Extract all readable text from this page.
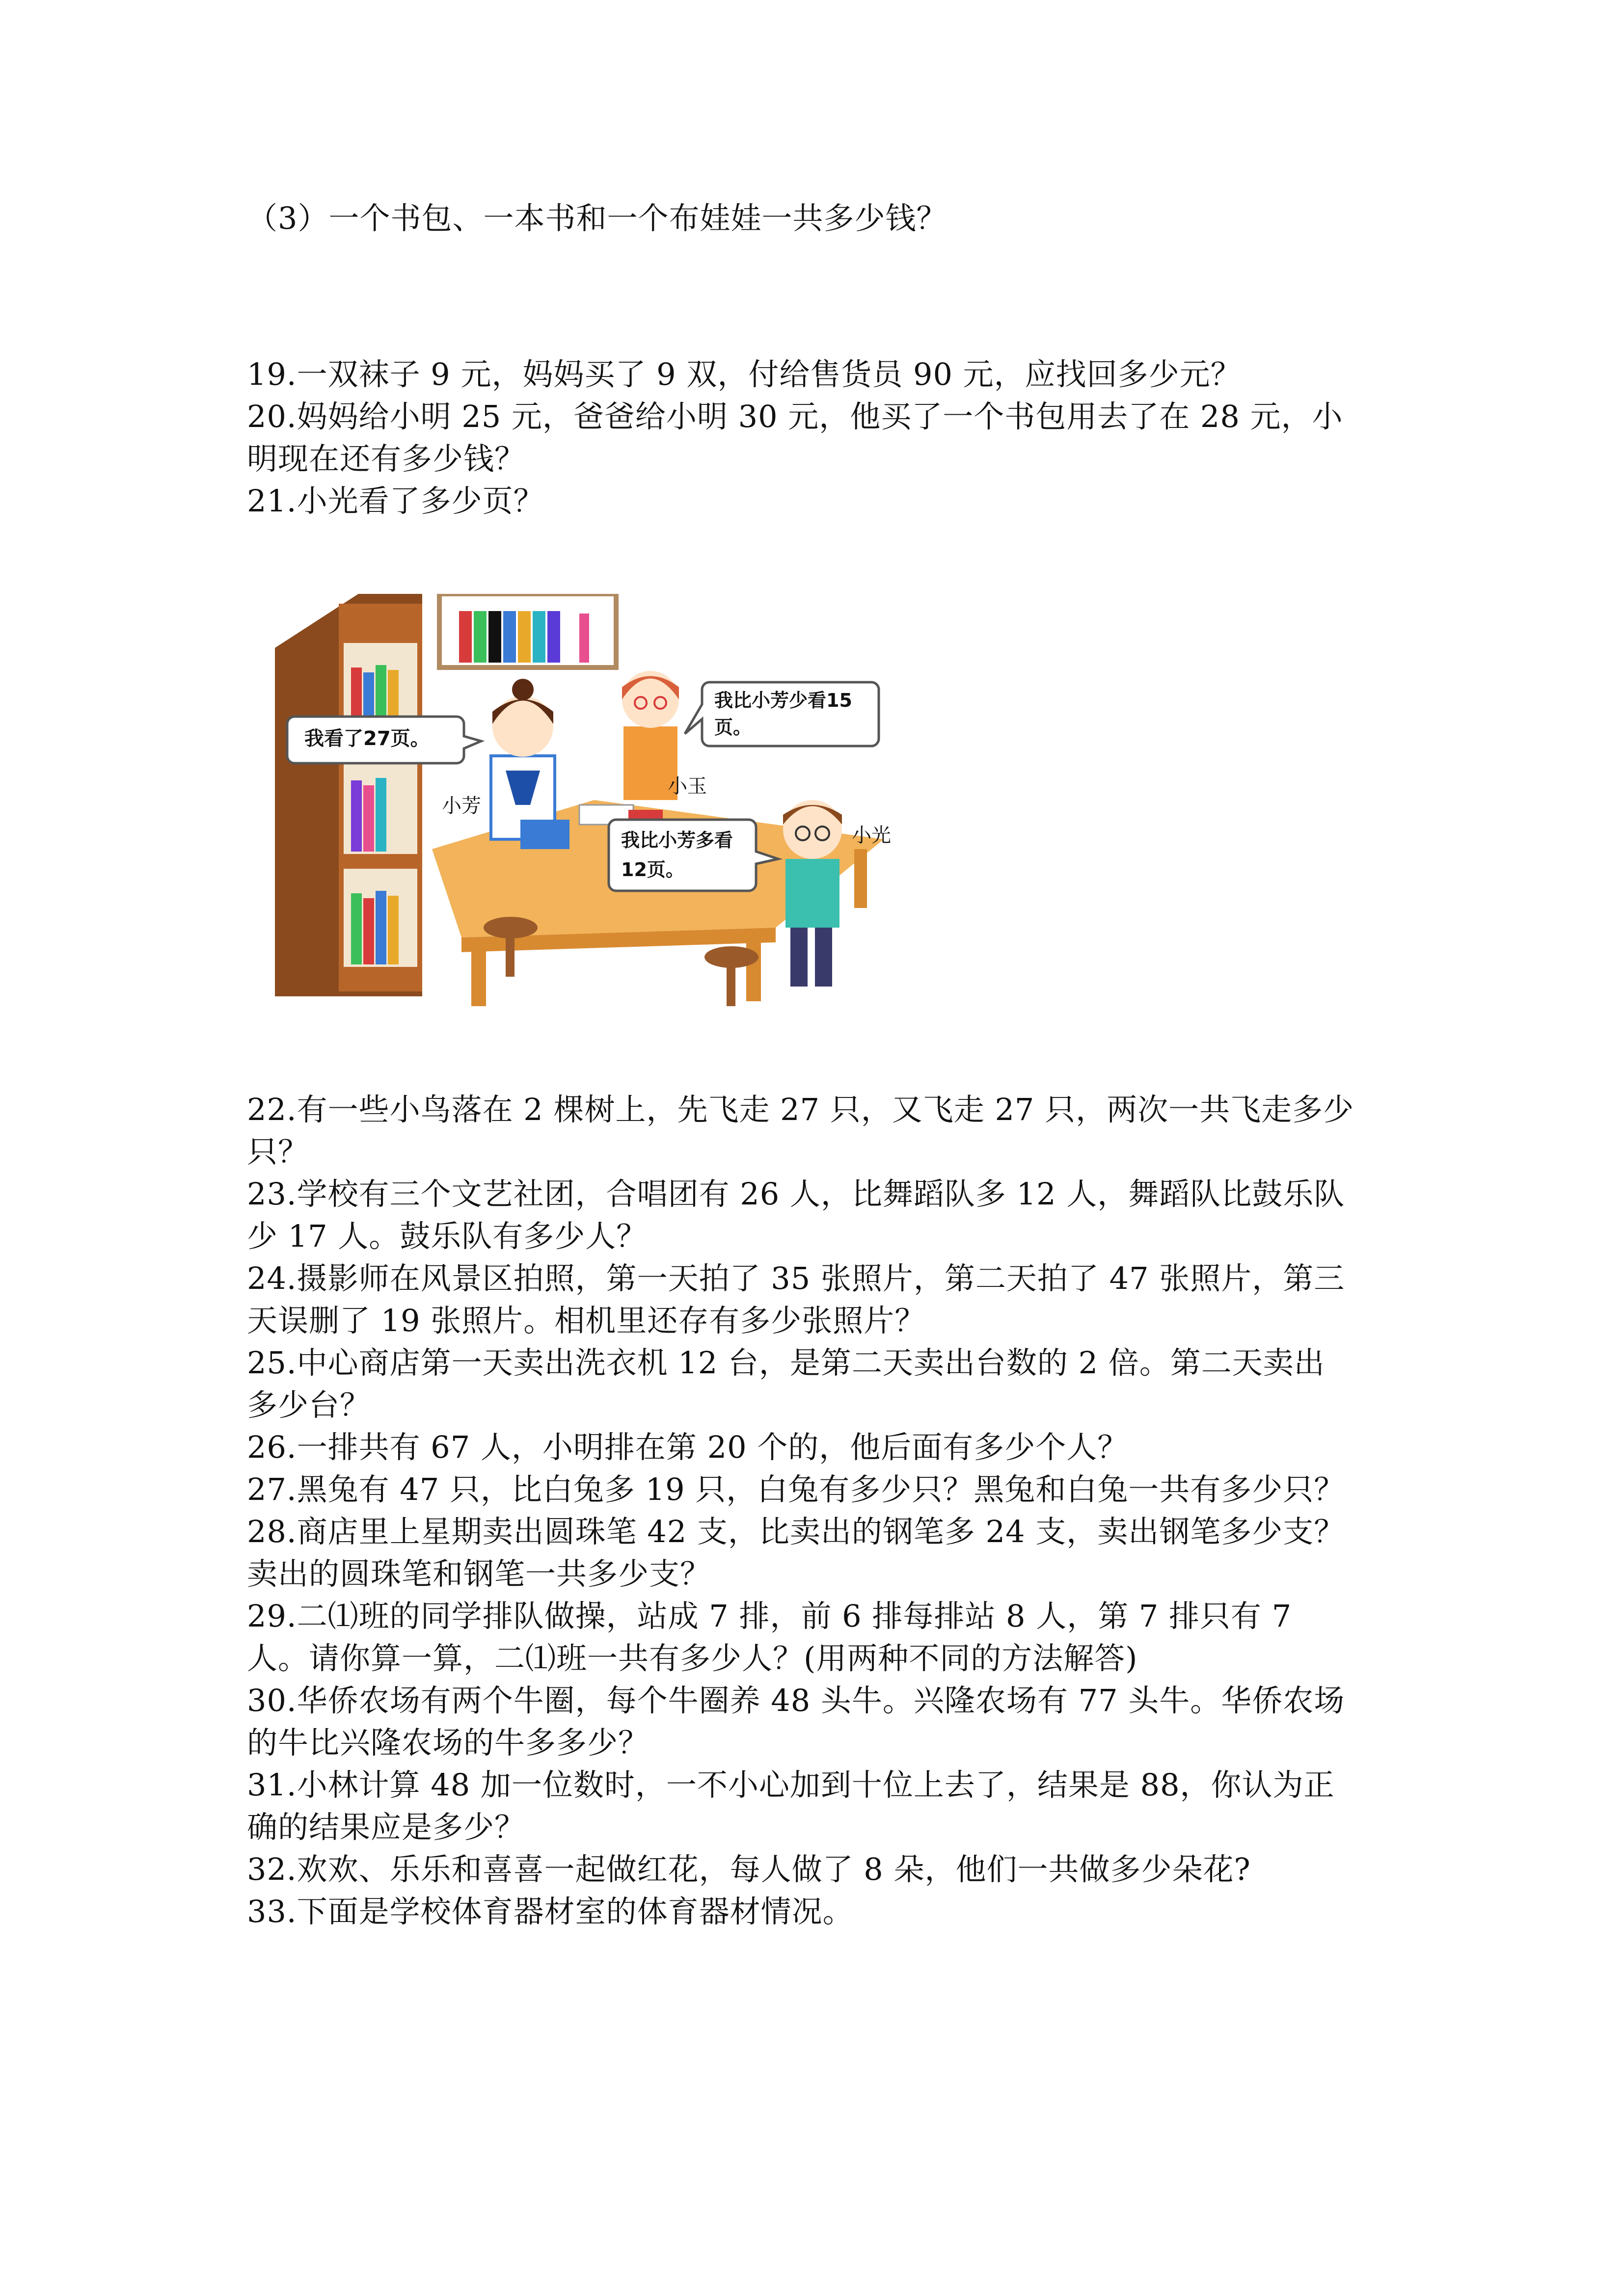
（3）一个书包、一本书和一个布娃娃一共多少钱？
19.一双袜子 9 元，妈妈买了 9 双，付给售货员 90 元，应找回多少元？
20.妈妈给小明 25 元，爸爸给小明 30 元，他买了一个书包用去了在 28 元，小
明现在还有多少钱？
21.小光看了多少页？
我看了27页。
我比小芳少看15
页。
我比小芳多看
12页。
小芳
小玉
小光
22.有一些小鸟落在 2 棵树上，先飞走 27 只，又飞走 27 只，两次一共飞走多少
只？
23.学校有三个文艺社团，合唱团有 26 人，比舞蹈队多 12 人，舞蹈队比鼓乐队
少 17 人。鼓乐队有多少人？
24.摄影师在风景区拍照，第一天拍了 35 张照片，第二天拍了 47 张照片，第三
天误删了 19 张照片。相机里还存有多少张照片？
25.中心商店第一天卖出洗衣机 12 台，是第二天卖出台数的 2 倍。第二天卖出
多少台？
26.一排共有 67 人，小明排在第 20 个的，他后面有多少个人？
27.黑兔有 47 只，比白兔多 19 只，白兔有多少只？黑兔和白兔一共有多少只？
28.商店里上星期卖出圆珠笔 42 支，比卖出的钢笔多 24 支，卖出钢笔多少支？
卖出的圆珠笔和钢笔一共多少支？
29.二⑴班的同学排队做操，站成 7 排，前 6 排每排站 8 人，第 7 排只有 7
人。请你算一算，二⑴班一共有多少人？(用两种不同的方法解答)
30.华侨农场有两个牛圈，每个牛圈养 48 头牛。兴隆农场有 77 头牛。华侨农场
的牛比兴隆农场的牛多多少？
31.小林计算 48 加一位数时，一不小心加到十位上去了，结果是 88，你认为正
确的结果应是多少？
32.欢欢、乐乐和喜喜一起做红花，每人做了 8 朵，他们一共做多少朵花?
33.下面是学校体育器材室的体育器材情况。
